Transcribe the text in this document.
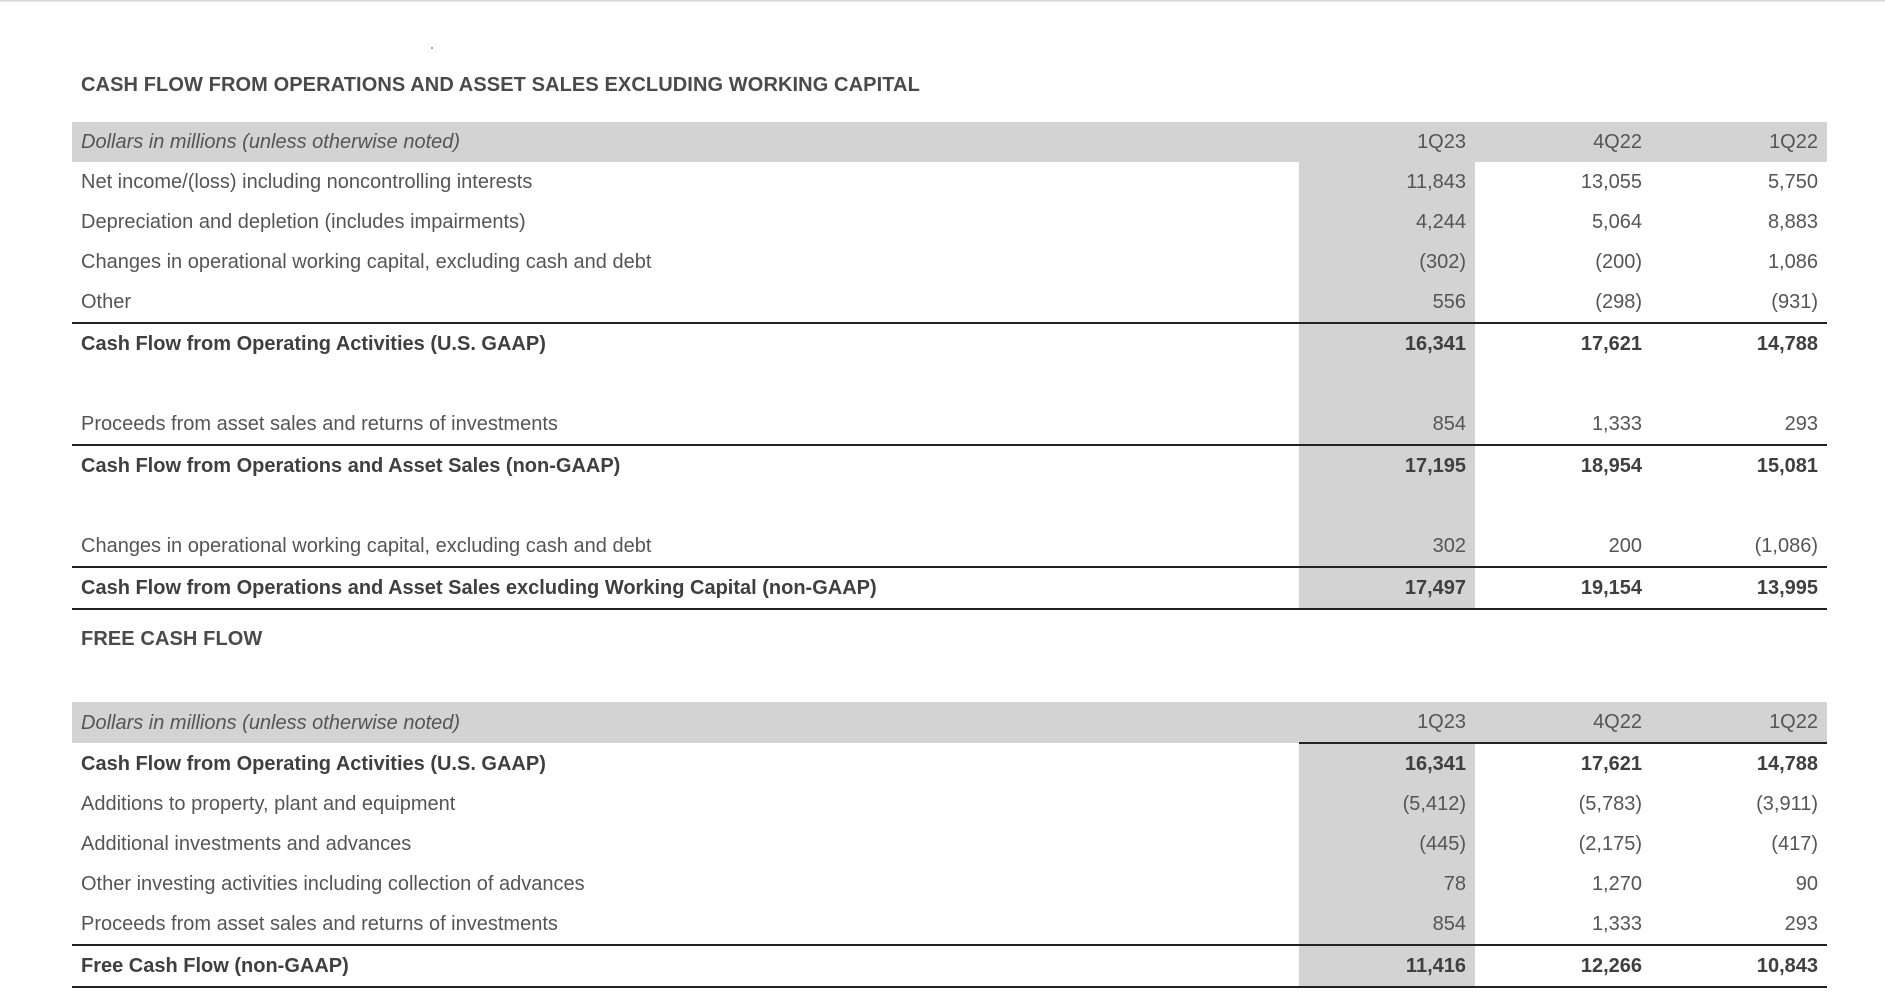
CASH FLOW FROM OPERATIONS AND ASSET SALES EXCLUDING WORKING CAPITAL
Dollars in millions (unless otherwise noted)	1Q23	4Q22	1Q22
Net income/(loss) including noncontrolling interests	11,843	13,055	5,750
Depreciation and depletion (includes impairments)	4,244	5,064	8,883
Changes in operational working capital, excluding cash and debt	(302)	(200)	1,086
Other	556	(298)	(931)
Cash Flow from Operating Activities (U.S. GAAP)	16,341	17,621	14,788

Proceeds from asset sales and returns of investments	854	1,333	293
Cash Flow from Operations and Asset Sales (non-GAAP)	17,195	18,954	15,081

Changes in operational working capital, excluding cash and debt	302	200	(1,086)
Cash Flow from Operations and Asset Sales excluding Working Capital (non-GAAP)	17,497	19,154	13,995
FREE CASH FLOW
Dollars in millions (unless otherwise noted)	1Q23	4Q22	1Q22
Cash Flow from Operating Activities (U.S. GAAP)	16,341	17,621	14,788
Additions to property, plant and equipment	(5,412)	(5,783)	(3,911)
Additional investments and advances	(445)	(2,175)	(417)
Other investing activities including collection of advances	78	1,270	90
Proceeds from asset sales and returns of investments	854	1,333	293
Free Cash Flow (non-GAAP)	11,416	12,266	10,843
